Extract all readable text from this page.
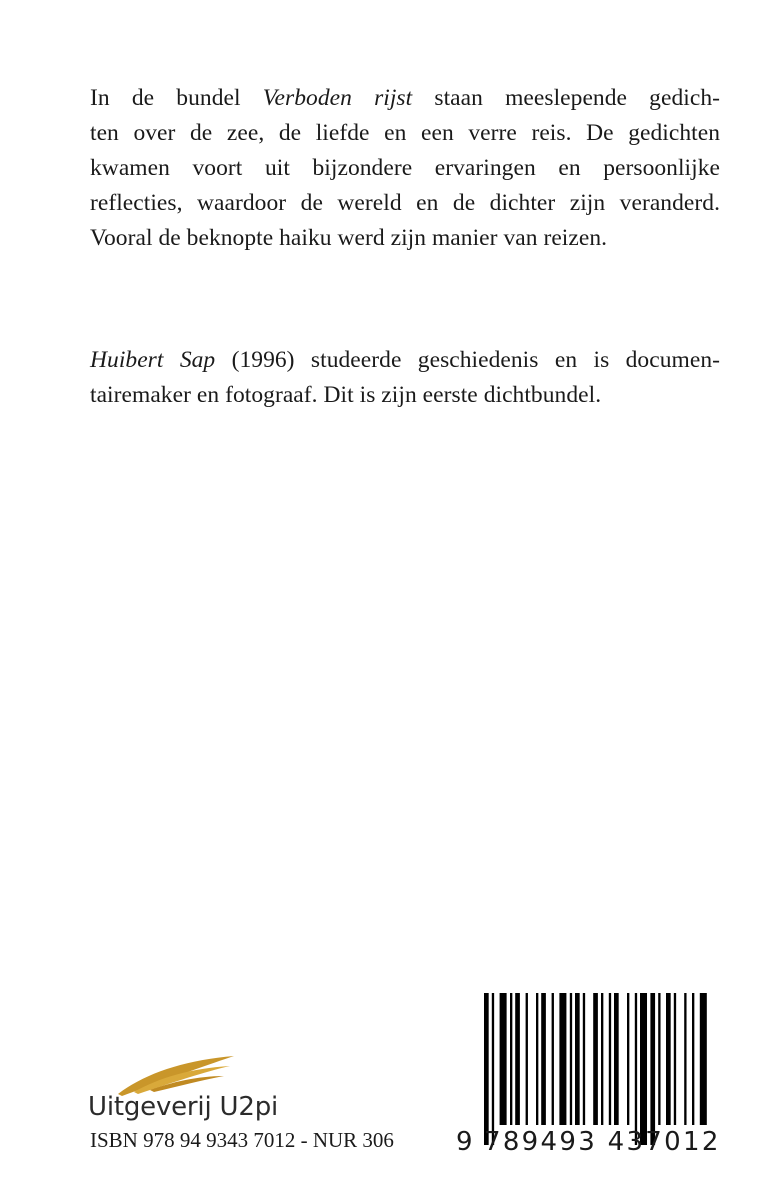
In de bundel Verboden rijst staan meeslepende gedich-
ten over de zee, de liefde en een verre reis. De gedichten
kwamen voort uit bijzondere ervaringen en persoonlijke
reflecties, waardoor de wereld en de dichter zijn veranderd.
Vooral de beknopte haiku werd zijn manier van reizen.
Huibert Sap (1996) studeerde geschiedenis en is documen-
tairemaker en fotograaf. Dit is zijn eerste dichtbundel.
Uitgeverij U2pi
ISBN 978 94 9343 7012 - NUR 306 9 789493 437012
